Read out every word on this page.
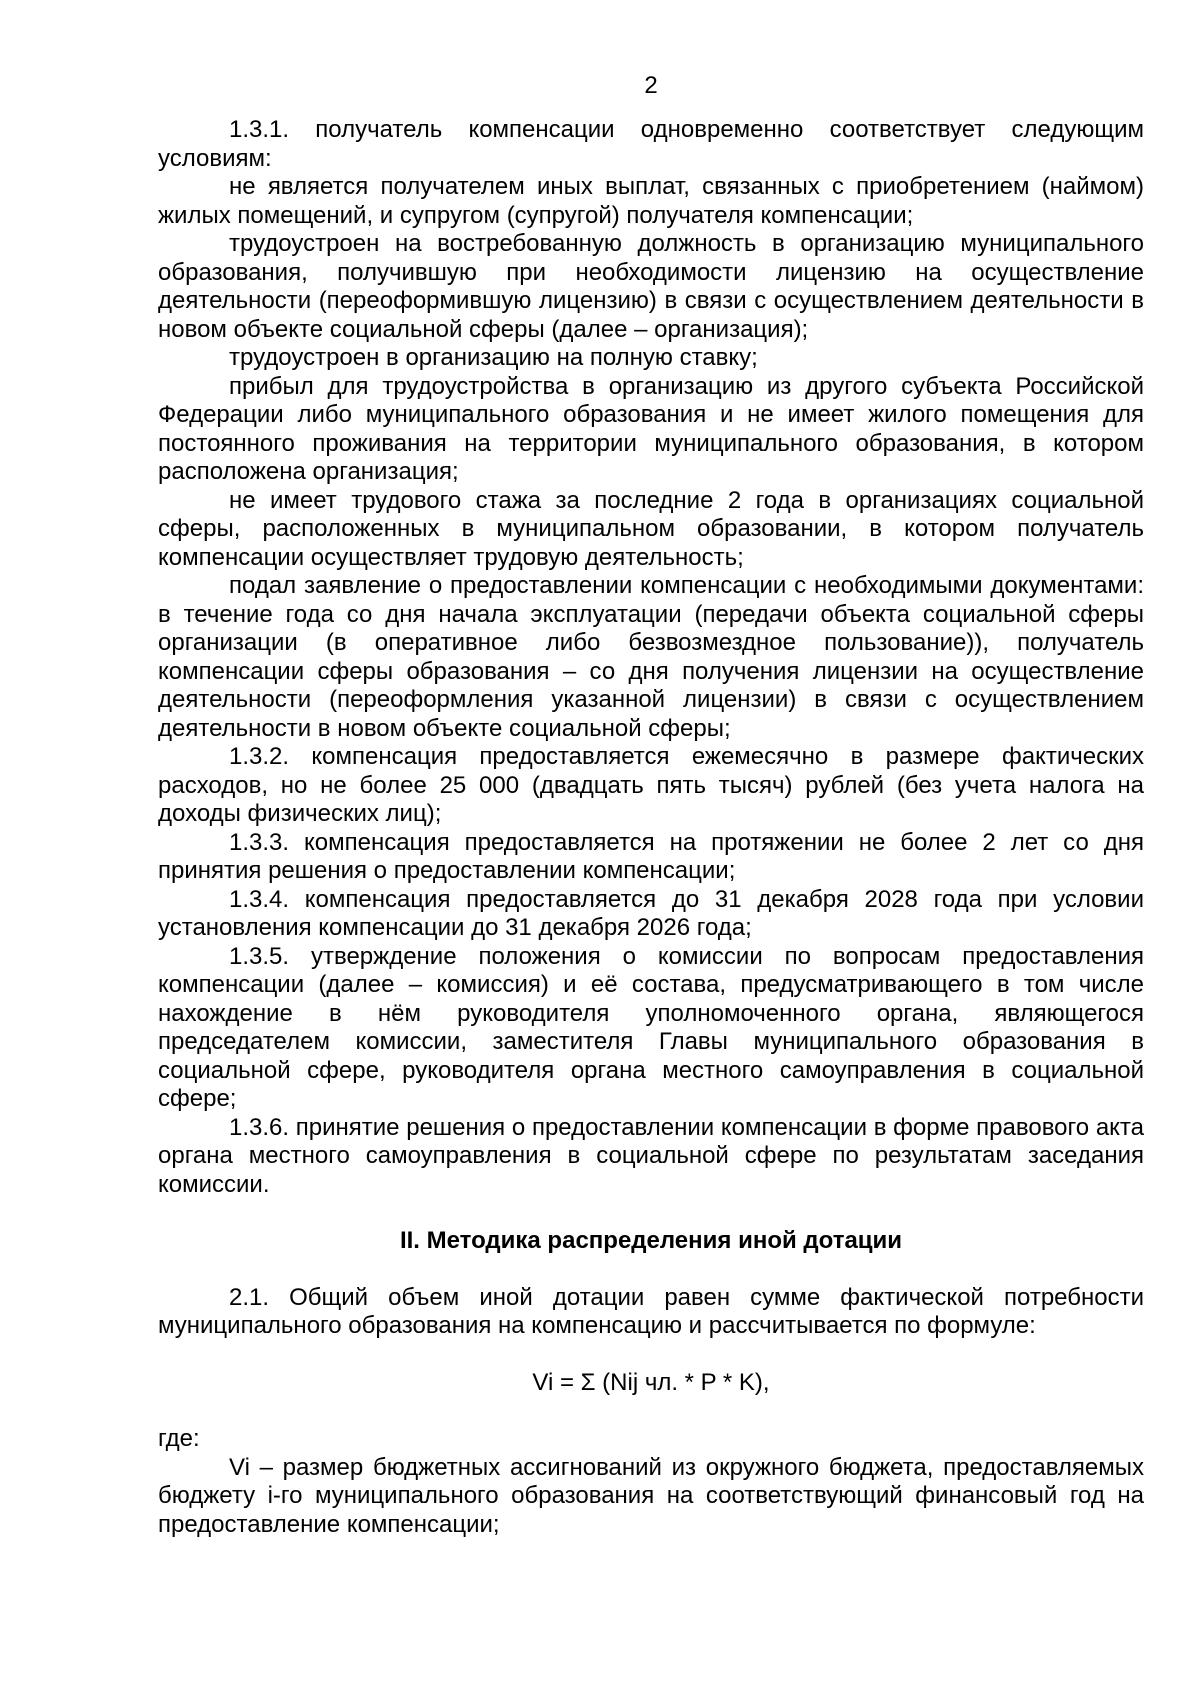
2

1.3.1. получатель компенсации одновременно соответствует следующим условиям:

не является получателем иных выплат, связанных с приобретением (наймом) жилых помещений, и супругом (супругой) получателя компенсации;

трудоустроен на востребованную должность в организацию муниципального образования, получившую при необходимости лицензию на осуществление деятельности (переоформившую лицензию) в связи с осуществлением деятельности в новом объекте социальной сферы (далее – организация);

трудоустроен в организацию на полную ставку;

прибыл для трудоустройства в организацию из другого субъекта Российской Федерации либо муниципального образования и не имеет жилого помещения для постоянного проживания на территории муниципального образования, в котором расположена организация;

не имеет трудового стажа за последние 2 года в организациях социальной сферы, расположенных в муниципальном образовании, в котором получатель компенсации осуществляет трудовую деятельность;

подал заявление о предоставлении компенсации с необходимыми документами: в течение года со дня начала эксплуатации (передачи объекта социальной сферы организации (в оперативное либо безвозмездное пользование)), получатель компенсации сферы образования – со дня получения лицензии на осуществление деятельности (переоформления указанной лицензии) в связи с осуществлением деятельности в новом объекте социальной сферы;

1.3.2. компенсация предоставляется ежемесячно в размере фактических расходов, но не более 25 000 (двадцать пять тысяч) рублей (без учета налога на доходы физических лиц);

1.3.3. компенсация предоставляется на протяжении не более 2 лет со дня принятия решения о предоставлении компенсации;

1.3.4. компенсация предоставляется до 31 декабря 2028 года при условии установления компенсации до 31 декабря 2026 года;

1.3.5. утверждение положения о комиссии по вопросам предоставления компенсации (далее – комиссия) и её состава, предусматривающего в том числе нахождение в нём руководителя уполномоченного органа, являющегося председателем комиссии, заместителя Главы муниципального образования в социальной сфере, руководителя органа местного самоуправления в социальной сфере;

1.3.6. принятие решения о предоставлении компенсации в форме правового акта органа местного самоуправления в социальной сфере по результатам заседания комиссии.

II. Методика распределения иной дотации

2.1. Общий объем иной дотации равен сумме фактической потребности муниципального образования на компенсацию и рассчитывается по формуле:

Vi = Σ (Nij чл. * P * K),

где:

Vi – размер бюджетных ассигнований из окружного бюджета, предоставляемых бюджету i-го муниципального образования на соответствующий финансовый год на предоставление компенсации;
